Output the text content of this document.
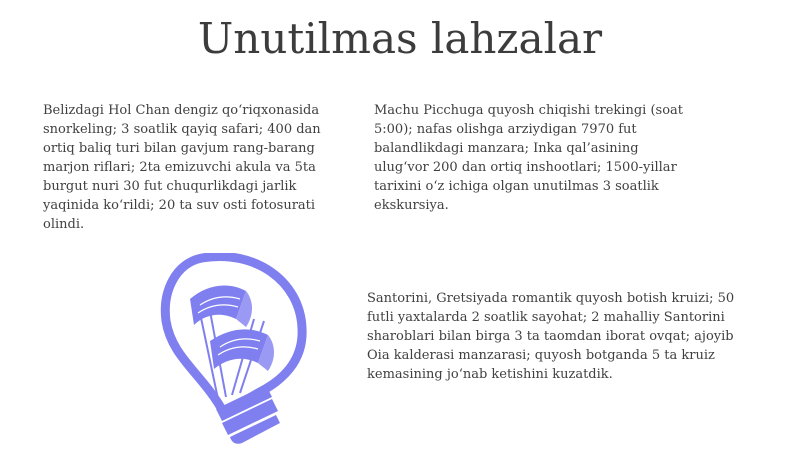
Unutilmas lahzalar

Belizdagi Hol Chan dengiz qo‘riqxonasida snorkeling; 3 soatlik qayiq safari; 400 dan ortiq baliq turi bilan gavjum rang-barang marjon riflari; 2ta emizuvchi akula va 5ta burgut nuri 30 fut chuqurlikdagi jarlik yaqinida ko‘rildi; 20 ta suv osti fotosurati olindi.

Machu Picchuga quyosh chiqishi trekingi (soat 5:00); nafas olishga arziydigan 7970 fut balandlikdagi manzara; Inka qal’asining ulug‘vor 200 dan ortiq inshootlari; 1500-yillar tarixini o‘z ichiga olgan unutilmas 3 soatlik ekskursiya.

Santorini, Gretsiyada romantik quyosh botish kruizi; 50 futli yaxtalarda 2 soatlik sayohat; 2 mahalliy Santorini sharoblari bilan birga 3 ta taomdan iborat ovqat; ajoyib Oia kalderasi manzarasi; quyosh botganda 5 ta kruiz kemasining jo‘nab ketishini kuzatdik.
